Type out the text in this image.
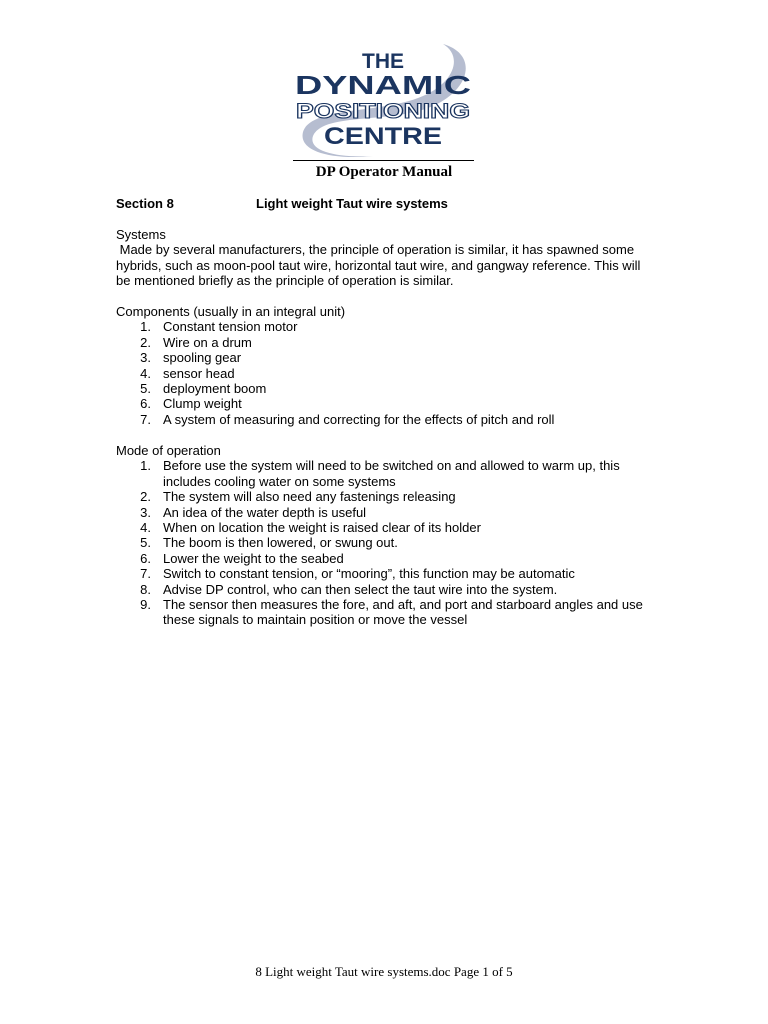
THE
DYNAMIC
POSITIONING
CENTRE
DP Operator Manual
Section 8	Light weight Taut wire systems

Systems

Made by several manufacturers, the principle of operation is similar, it has spawned some hybrids, such as moon-pool taut wire, horizontal taut wire, and gangway reference. This will be mentioned briefly as the principle of operation is similar.

Components (usually in an integral unit)

1. Constant tension motor
2. Wire on a drum
3. spooling gear
4. sensor head
5. deployment boom
6. Clump weight
7. A system of measuring and correcting for the effects of pitch and roll

Mode of operation

1. Before use the system will need to be switched on and allowed to warm up, this includes cooling water on some systems
2. The system will also need any fastenings releasing
3. An idea of the water depth is useful
4. When on location the weight is raised clear of its holder
5. The boom is then lowered, or swung out.
6. Lower the weight to the seabed
7. Switch to constant tension, or “mooring”, this function may be automatic
8. Advise DP control, who can then select the taut wire into the system.
9. The sensor then measures the fore, and aft, and port and starboard angles and use these signals to maintain position or move the vessel
8 Light weight Taut wire systems.doc Page 1 of 5
